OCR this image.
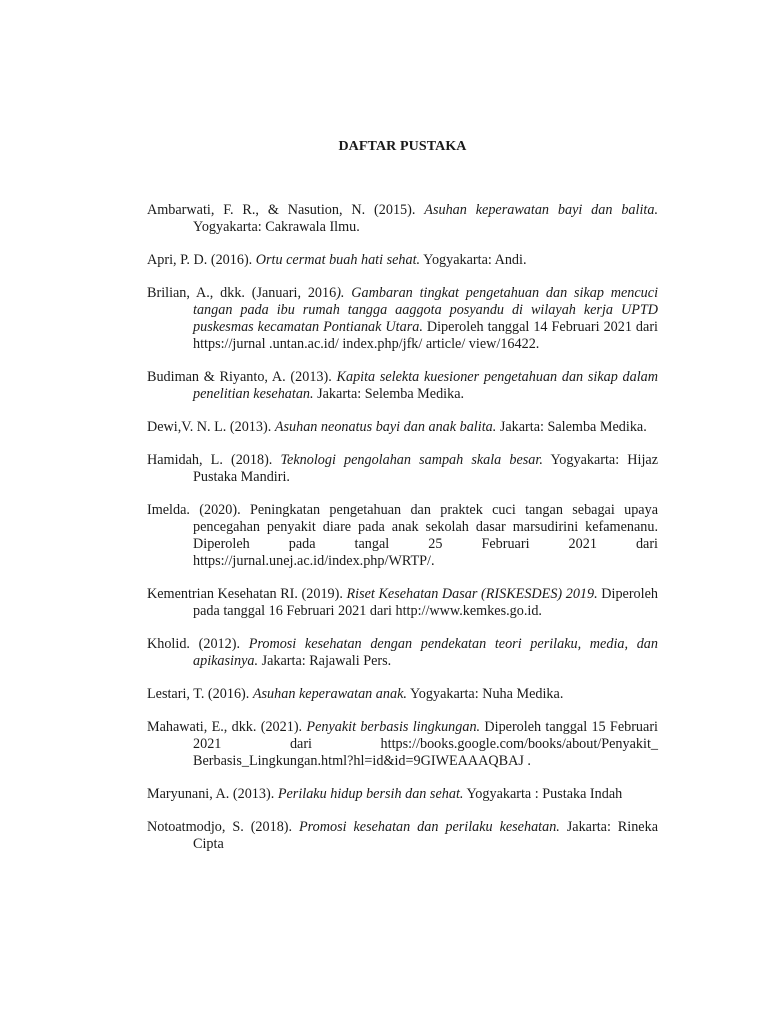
DAFTAR PUSTAKA

Ambarwati, F. R., & Nasution, N. (2015). Asuhan keperawatan bayi dan balita. Yogyakarta: Cakrawala Ilmu.

Apri, P. D. (2016). Ortu cermat buah hati sehat. Yogyakarta: Andi.

Brilian, A., dkk. (Januari, 2016). Gambaran tingkat pengetahuan dan sikap mencuci tangan pada ibu rumah tangga aaggota posyandu di wilayah kerja UPTD puskesmas kecamatan Pontianak Utara. Diperoleh tanggal 14 Februari 2021 dari https://jurnal .untan.ac.id/ index.php/jfk/ article/ view/16422.

Budiman & Riyanto, A. (2013). Kapita selekta kuesioner pengetahuan dan sikap dalam penelitian kesehatan. Jakarta: Selemba Medika.

Dewi,V. N. L. (2013). Asuhan neonatus bayi dan anak balita. Jakarta: Salemba Medika.

Hamidah, L. (2018). Teknologi pengolahan sampah skala besar. Yogyakarta: Hijaz Pustaka Mandiri.

Imelda. (2020). Peningkatan pengetahuan dan praktek cuci tangan sebagai upaya pencegahan penyakit diare pada anak sekolah dasar marsudirini kefamenanu. Diperoleh pada tangal 25 Februari 2021 dari https://jurnal.unej.ac.id/index.php/WRTP/.

Kementrian Kesehatan RI. (2019). Riset Kesehatan Dasar (RISKESDES) 2019. Diperoleh pada tanggal 16 Februari 2021 dari http://www.kemkes.go.id.

Kholid. (2012). Promosi kesehatan dengan pendekatan teori perilaku, media, dan apikasinya. Jakarta: Rajawali Pers.

Lestari, T. (2016). Asuhan keperawatan anak. Yogyakarta: Nuha Medika.

Mahawati, E., dkk. (2021). Penyakit berbasis lingkungan. Diperoleh tanggal 15 Februari 2021 dari https://books.google.com/books/about/Penyakit_ Berbasis_Lingkungan.html?hl=id&id=9GIWEAAAQBAJ .

Maryunani, A. (2013). Perilaku hidup bersih dan sehat. Yogyakarta : Pustaka Indah

Notoatmodjo, S. (2018). Promosi kesehatan dan perilaku kesehatan. Jakarta: Rineka Cipta
